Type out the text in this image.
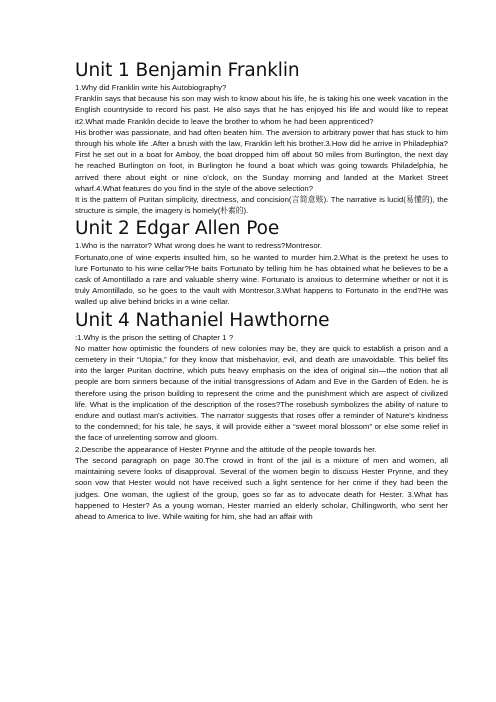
Unit 1 Benjamin Franklin

1.Why did Franklin write his Autobiography?

Franklin says that because his son may wish to know about his life, he is taking his one week vacation in the English countryside to record his past. He also says that he has enjoyed his life and would like to repeat it2.What made Franklin decide to leave the brother to whom he had been apprenticed?

His brother was passionate, and had often beaten him. The aversion to arbitrary power that has stuck to him through his whole life .After a brush with the law, Franklin left his brother.3.How did he arrive in Philadephia?First he set out in a boat for Amboy, the boat dropped him off about 50 miles from Burlington, the next day he reached Burlington on foot, in Burlington he found a boat which was going towards Philadelphia, he arrived there about eight or nine o'clock, on the Sunday morning and landed at the Market Street wharf.4.What features do you find in the style of the above selection?

It is the pattern of Puritan simplicity, directness, and concision(言简意赅). The narrative is lucid(易懂的), the structure is simple, the imagery is homely(朴素的).

Unit 2 Edgar Allen Poe

1.Who is the narrator? What wrong does he want to redress?Montresor.

Fortunato,one of wine experts insulted him, so he wanted to murder him.2.What is the pretext he uses to lure Fortunato to his wine cellar?He baits Fortunato by telling him he has obtained what he believes to be a cask of Amontillado a rare and valuable sherry wine. Fortunato is anxious to determine whether or not it is truly Amontillado, so he goes to the vault with Montresor.3.What happens to Fortunato in the end?He was walled up alive behind bricks in a wine cellar.

Unit 4 Nathaniel Hawthorne

:1.Why is the prison the setting of Chapter 1 ?

No matter how optimistic the founders of new colonies may be, they are quick to establish a prison and a cemetery in their “Utopia,” for they know that misbehavior, evil, and death are unavoidable. This belief fits into the larger Puritan doctrine, which puts heavy emphasis on the idea of original sin—the notion that all people are born sinners because of the initial transgressions of Adam and Eve in the Garden of Eden. he is therefore using the prison building to represent the crime and the punishment which are aspect of civilized life. What is the implication of the description of the roses?The rosebush symbolizes the ability of nature to endure and outlast man's activities. The narrator suggests that roses offer a reminder of Nature's kindness to the condemned; for his tale, he says, it will provide either a “sweet moral blossom” or else some relief in the face of unrelenting sorrow and gloom.

2.Describe the appearance of Hester Prynne and the attitude of the people towards her.

The second paragraph on page 30.The crowd in front of the jail is a mixture of men and women, all maintaining severe looks of disapproval. Several of the women begin to discuss Hester Prynne, and they soon vow that Hester would not have received such a light sentence for her crime if they had been the judges. One woman, the ugliest of the group, goes so far as to advocate death for Hester. 3.What has happened to Hester? As a young woman, Hester married an elderly scholar, Chillingworth, who sent her ahead to America to live. While waiting for him, she had an affair with
